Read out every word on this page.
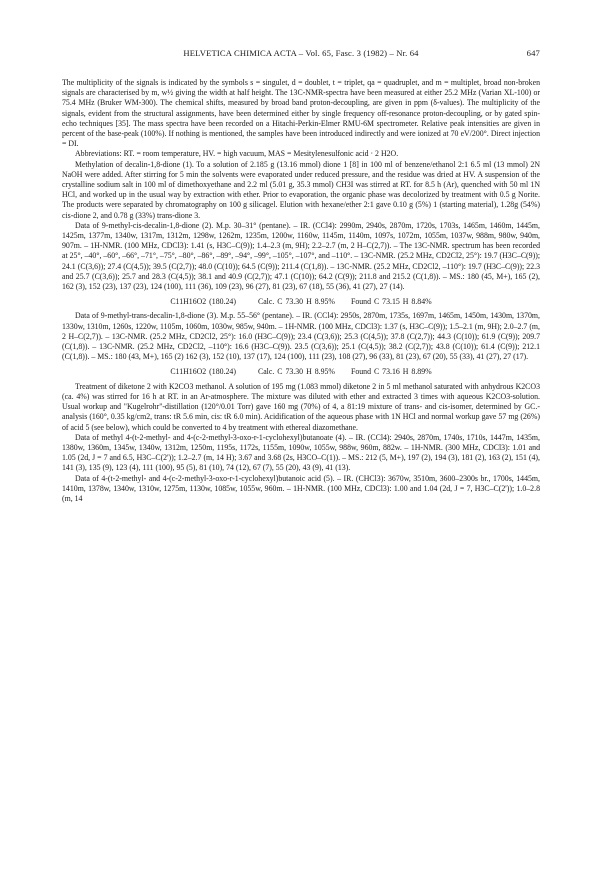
HELVETICA CHIMICA ACTA – Vol. 65, Fasc. 3 (1982) – Nr. 64	647

The multiplicity of the signals is indicated by the symbols s = singulet, d = doublet, t = triplet, qa = quadruplet, and m = multiplet, broad non-broken signals are characterised by m, w½ giving the width at half height. The 13C-NMR-spectra have been measured at either 25.2 MHz (Varian XL-100) or 75.4 MHz (Bruker WM-300). The chemical shifts, measured by broad band proton-decoupling, are given in ppm (δ-values). The multiplicity of the signals, evident from the structural assignments, have been determined either by single frequency off-resonance proton-decoupling, or by gated spin-echo techniques [35]. The mass spectra have been recorded on a Hitachi-Perkin-Elmer RMU-6M spectrometer. Relative peak intensities are given in percent of the base-peak (100%). If nothing is mentioned, the samples have been introduced indirectly and were ionized at 70 eV/200°. Direct injection = DI.

Abbreviations: RT. = room temperature, HV. = high vacuum, MAS = Mesitylenesulfonic acid · 2 H2O.

Methylation of decalin-1,8-dione (1). To a solution of 2.185 g (13.16 mmol) dione 1 [8] in 100 ml of benzene/ethanol 2:1 6.5 ml (13 mmol) 2N NaOH were added. After stirring for 5 min the solvents were evaporated under reduced pressure, and the residue was dried at HV. A suspension of the crystalline sodium salt in 100 ml of dimethoxyethane and 2.2 ml (5.01 g, 35.3 mmol) CH3I was stirred at RT. for 8.5 h (Ar), quenched with 50 ml 1N HCl, and worked up in the usual way by extraction with ether. Prior to evaporation, the organic phase was decolorized by treatment with 0.5 g Norite. The products were separated by chromatography on 100 g silicagel. Elution with hexane/ether 2:1 gave 0.10 g (5%) 1 (starting material), 1.28g (54%) cis-dione 2, and 0.78 g (33%) trans-dione 3.

Data of 9-methyl-cis-decalin-1,8-dione (2). M.p. 30–31° (pentane). – IR. (CCl4): 2990m, 2940s, 2870m, 1720s, 1703s, 1465m, 1460m, 1445m, 1425m, 1377m, 1340w, 1317m, 1312m, 1298w, 1262m, 1235m, 1200w, 1160w, 1145m, 1140m, 1097s, 1072m, 1055m, 1037w, 988m, 980w, 940m, 907m. – 1H-NMR. (100 MHz, CDCl3): 1.41 (s, H3C–C(9)); 1.4–2.3 (m, 9H); 2.2–2.7 (m, 2 H–C(2,7)). – The 13C-NMR. spectrum has been recorded at 25°, –40°, –60°, –66°, –71°, –75°, –80°, –86°, –89°, –94°, –99°, –105°, –107°, and –110°. – 13C-NMR. (25.2 MHz, CD2Cl2, 25°): 19.7 (H3C–C(9)); 24.1 (C(3,6)); 27.4 (C(4,5)); 39.5 (C(2,7)); 48.0 (C(10)); 64.5 (C(9)); 211.4 (C(1,8)). – 13C-NMR. (25.2 MHz, CD2Cl2, –110°): 19.7 (H3C–C(9)); 22.3 and 25.7 (C(3,6)); 25.7 and 28.3 (C(4,5)); 38.1 and 40.9 (C(2,7)); 47.1 (C(10)); 64.2 (C(9)); 211.8 and 215.2 (C(1,8)). – MS.: 180 (45, M+), 165 (2), 162 (3), 152 (23), 137 (23), 124 (100), 111 (36), 109 (23), 96 (27), 81 (23), 67 (18), 55 (36), 41 (27), 27 (14).

C11H16O2 (180.24)	Calc. C 73.30 H 8.95% Found C 73.15 H 8.84%

Data of 9-methyl-trans-decalin-1,8-dione (3). M.p. 55–56° (pentane). – IR. (CCl4): 2950s, 2870m, 1735s, 1697m, 1465m, 1450m, 1430m, 1370m, 1330w, 1310m, 1260s, 1220w, 1105m, 1060m, 1030w, 985w, 940m. – 1H-NMR. (100 MHz, CDCl3): 1.37 (s, H3C–C(9)); 1.5–2.1 (m, 9H); 2.0–2.7 (m, 2 H–C(2,7)). – 13C-NMR. (25.2 MHz, CD2Cl2, 25°): 16.0 (H3C–C(9)); 23.4 (C(3,6)); 25.3 (C(4,5)); 37.8 (C(2,7)); 44.3 (C(10)); 61.9 (C(9)); 209.7 (C(1,8)). – 13C-NMR. (25.2 MHz, CD2Cl2, –110°): 16.6 (H3C–C(9)). 23.5 (C(3,6)); 25.1 (C(4,5)); 38.2 (C(2,7)); 43.8 (C(10)); 61.4 (C(9)); 212.1 (C(1,8)). – MS.: 180 (43, M+), 165 (2) 162 (3), 152 (10), 137 (17), 124 (100), 111 (23), 108 (27), 96 (33), 81 (23), 67 (20), 55 (33), 41 (27), 27 (17).

C11H16O2 (180.24)	Calc. C 73.30 H 8.95% Found C 73.16 H 8.89%

Treatment of diketone 2 with K2CO3 methanol. A solution of 195 mg (1.083 mmol) diketone 2 in 5 ml methanol saturated with anhydrous K2CO3 (ca. 4%) was stirred for 16 h at RT. in an Ar-atmosphere. The mixture was diluted with ether and extracted 3 times with aqueous K2CO3-solution. Usual workup and "Kugelrohr"-distillation (120°/0.01 Torr) gave 160 mg (70%) of 4, a 81:19 mixture of trans- and cis-isomer, determined by GC.-analysis (160°, 0.35 kg/cm2, trans: tR 5.6 min, cis: tR 6.0 min). Acidification of the aqueous phase with 1N HCl and normal workup gave 57 mg (26%) of acid 5 (see below), which could be converted to 4 by treatment with ethereal diazomethane.

Data of methyl 4-(t-2-methyl- and 4-(c-2-methyl-3-oxo-r-1-cyclohexyl)butanoate (4). – IR. (CCl4): 2940s, 2870m, 1740s, 1710s, 1447m, 1435m, 1380w, 1360m, 1345w, 1340w, 1312m, 1250m, 1195s, 1172s, 1155m, 1090w, 1055w, 988w, 960m, 882w. – 1H-NMR. (300 MHz, CDCl3): 1.01 and 1.05 (2d, J = 7 and 6.5, H3C–C(2')); 1.2–2.7 (m, 14 H); 3.67 and 3.68 (2s, H3CO–C(1)). – MS.: 212 (5, M+), 197 (2), 194 (3), 181 (2), 163 (2), 151 (4), 141 (3), 135 (9), 123 (4), 111 (100), 95 (5), 81 (10), 74 (12), 67 (7), 55 (20), 43 (9), 41 (13).

Data of 4-(t-2-methyl- and 4-(c-2-methyl-3-oxo-r-1-cyclohexyl)butanoic acid (5). – IR. (CHCl3): 3670w, 3510m, 3600–2300s br., 1700s, 1445m, 1410m, 1378w, 1340w, 1310w, 1275m, 1130w, 1085w, 1055w, 960m. – 1H-NMR. (100 MHz, CDCl3): 1.00 and 1.04 (2d, J = 7, H3C–C(2')); 1.0–2.8 (m, 14
